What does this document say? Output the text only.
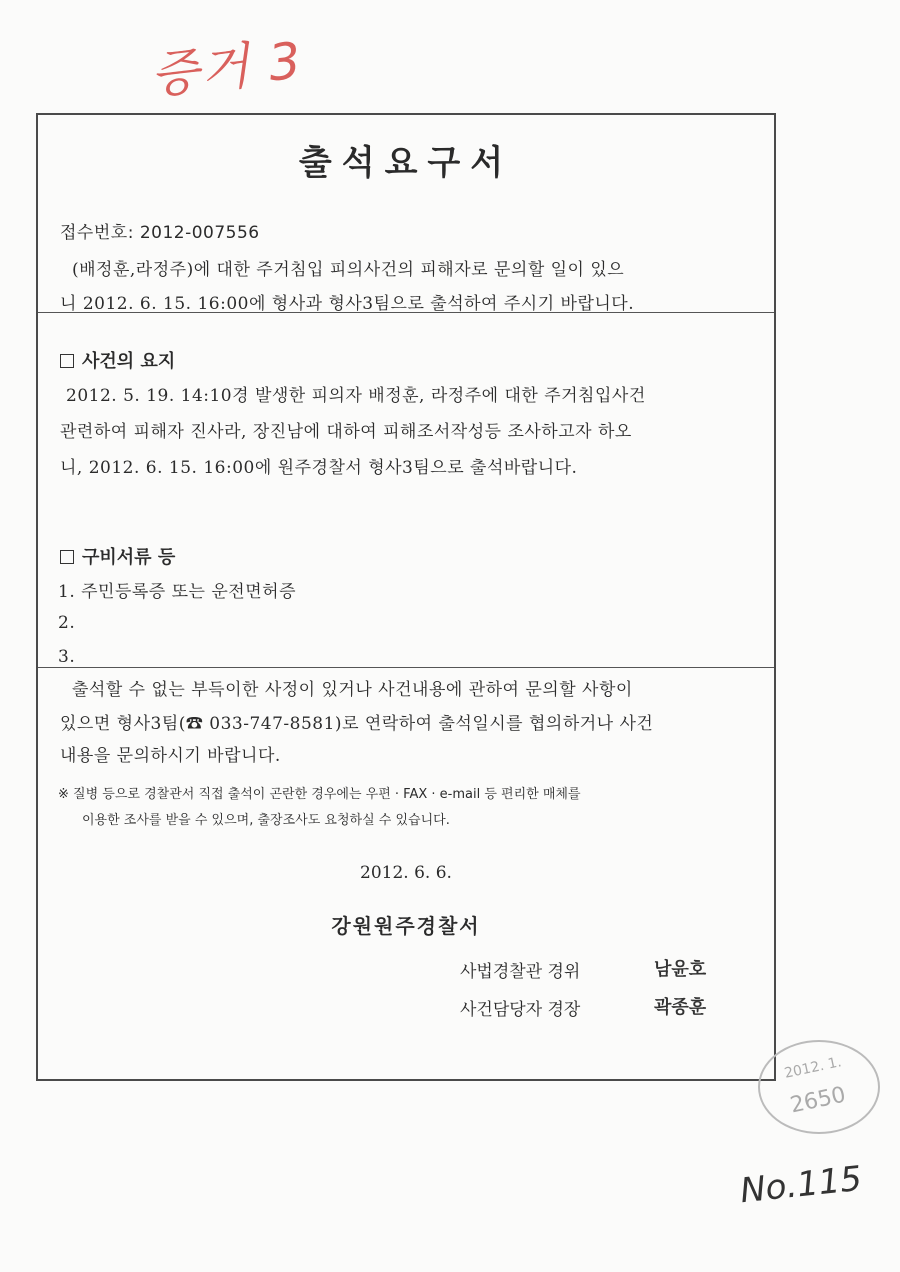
증거 3
출석요구서
접수번호: 2012-007556
(배정훈,라정주)에 대한 주거침입 피의사건의 피해자로 문의할 일이 있으
니 2012. 6. 15. 16:00에 형사과 형사3팀으로 출석하여 주시기 바랍니다.
사건의 요지
2012. 5. 19. 14:10경 발생한 피의자 배정훈, 라정주에 대한 주거침입사건
관련하여 피해자 진사라, 장진남에 대하여 피해조서작성등 조사하고자 하오
니, 2012. 6. 15. 16:00에 원주경찰서 형사3팀으로 출석바랍니다.
구비서류 등
1. 주민등록증 또는 운전면허증
2.
3.
출석할 수 없는 부득이한 사정이 있거나 사건내용에 관하여 문의할 사항이
있으면 형사3팀(☎ 033-747-8581)로 연락하여 출석일시를 협의하거나 사건
내용을 문의하시기 바랍니다.
※ 질병 등으로 경찰관서 직접 출석이 곤란한 경우에는 우편 · FAX · e-mail 등 편리한 매체를
이용한 조사를 받을 수 있으며, 출장조사도 요청하실 수 있습니다.
2012. 6. 6.
강원원주경찰서
사법경찰관 경위	남윤호
사건담당자 경장	곽종훈
2012. 1.
2650
No.115
